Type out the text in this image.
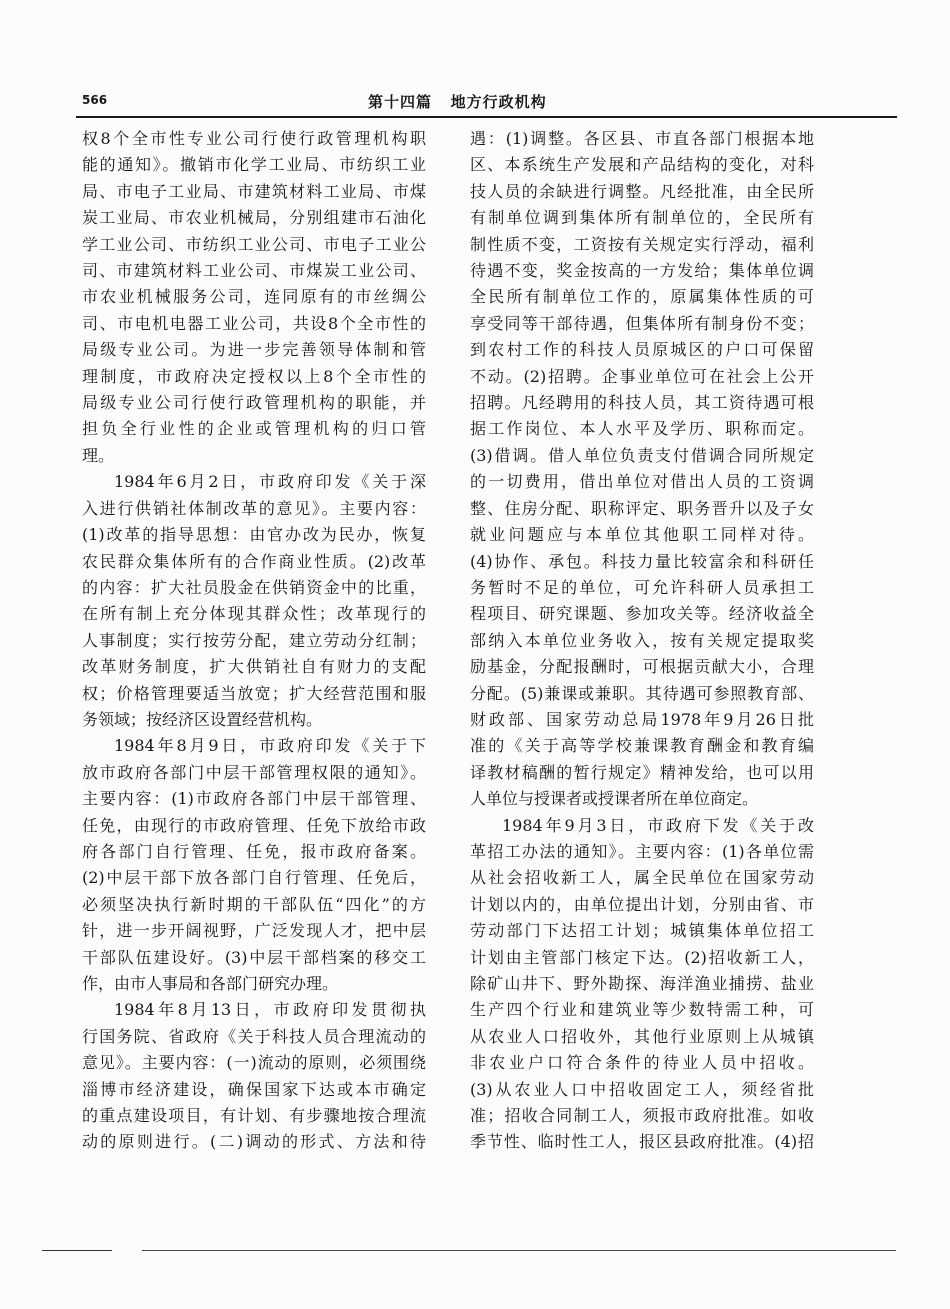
566	第十四篇   地方行政机构

权8个全市性专业公司行使行政管理机构职

能的通知》。撤销市化学工业局、市纺织工业

局、市电子工业局、市建筑材料工业局、市煤

炭工业局、市农业机械局，分别组建市石油化

学工业公司、市纺织工业公司、市电子工业公

司、市建筑材料工业公司、市煤炭工业公司、

市农业机械服务公司，连同原有的市丝绸公

司、市电机电器工业公司，共设8个全市性的

局级专业公司。为进一步完善领导体制和管

理制度，市政府决定授权以上8个全市性的

局级专业公司行使行政管理机构的职能，并

担负全行业性的企业或管理机构的归口管

理。

1984年6月2日，市政府印发《关于深

入进行供销社体制改革的意见》。主要内容：

(1)改革的指导思想：由官办改为民办，恢复

农民群众集体所有的合作商业性质。(2)改革

的内容：扩大社员股金在供销资金中的比重，

在所有制上充分体现其群众性；改革现行的

人事制度；实行按劳分配，建立劳动分红制；

改革财务制度，扩大供销社自有财力的支配

权；价格管理要适当放宽；扩大经营范围和服

务领域；按经济区设置经营机构。

1984年8月9日，市政府印发《关于下

放市政府各部门中层干部管理权限的通知》。

主要内容：(1)市政府各部门中层干部管理、

任免，由现行的市政府管理、任免下放给市政

府各部门自行管理、任免，报市政府备案。

(2)中层干部下放各部门自行管理、任免后，

必须坚决执行新时期的干部队伍“四化”的方

针，进一步开阔视野，广泛发现人才，把中层

干部队伍建设好。(3)中层干部档案的移交工

作，由市人事局和各部门研究办理。

1984年8月13日，市政府印发贯彻执

行国务院、省政府《关于科技人员合理流动的

意见》。主要内容：(一)流动的原则，必须围绕

淄博市经济建设，确保国家下达或本市确定

的重点建设项目，有计划、有步骤地按合理流

动的原则进行。(二)调动的形式、方法和待

遇：(1)调整。各区县、市直各部门根据本地

区、本系统生产发展和产品结构的变化，对科

技人员的余缺进行调整。凡经批准，由全民所

有制单位调到集体所有制单位的，全民所有

制性质不变，工资按有关规定实行浮动，福利

待遇不变，奖金按高的一方发给；集体单位调

全民所有制单位工作的，原属集体性质的可

享受同等干部待遇，但集体所有制身份不变；

到农村工作的科技人员原城区的户口可保留

不动。(2)招聘。企事业单位可在社会上公开

招聘。凡经聘用的科技人员，其工资待遇可根

据工作岗位、本人水平及学历、职称而定。

(3)借调。借人单位负责支付借调合同所规定

的一切费用，借出单位对借出人员的工资调

整、住房分配、职称评定、职务晋升以及子女

就业问题应与本单位其他职工同样对待。

(4)协作、承包。科技力量比较富余和科研任

务暂时不足的单位，可允许科研人员承担工

程项目、研究课题、参加攻关等。经济收益全

部纳入本单位业务收入，按有关规定提取奖

励基金，分配报酬时，可根据贡献大小，合理

分配。(5)兼课或兼职。其待遇可参照教育部、

财政部、国家劳动总局1978年9月26日批

准的《关于高等学校兼课教育酬金和教育编

译教材稿酬的暂行规定》精神发给，也可以用

人单位与授课者或授课者所在单位商定。

1984年9月3日，市政府下发《关于改

革招工办法的通知》。主要内容：(1)各单位需

从社会招收新工人，属全民单位在国家劳动

计划以内的，由单位提出计划，分别由省、市

劳动部门下达招工计划；城镇集体单位招工

计划由主管部门核定下达。(2)招收新工人，

除矿山井下、野外勘探、海洋渔业捕捞、盐业

生产四个行业和建筑业等少数特需工种，可

从农业人口招收外，其他行业原则上从城镇

非农业户口符合条件的待业人员中招收。

(3)从农业人口中招收固定工人，须经省批

准；招收合同制工人，须报市政府批准。如收

季节性、临时性工人，报区县政府批准。(4)招
